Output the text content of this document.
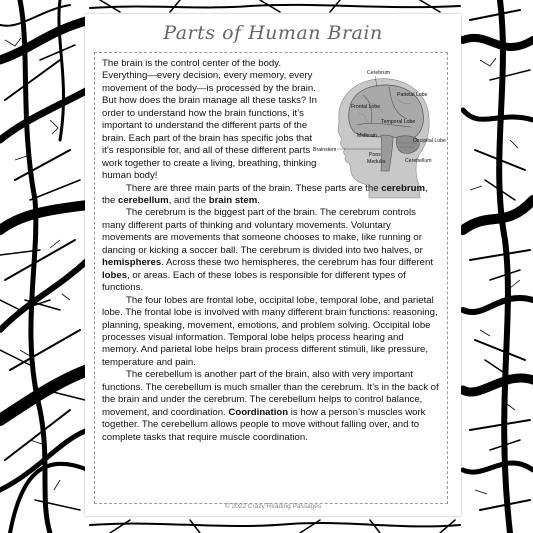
Parts of Human Brain
Cerebrum
Parietal Lobe
Frontal Lobe
Temporal Lobe
Midbrain
Occipital Lobe
Brainstem
Pons
Medulla	Cerebellum

The brain is the control center of the body. Everything—every decision, every memory, every movement of the body—is processed by the brain. But how does the brain manage all these tasks? In order to understand how the brain functions, it’s important to understand the different parts of the brain. Each part of the brain has specific jobs that it’s responsible for, and all of these different parts work together to create a living, breathing, thinking human body!

There are three main parts of the brain. These parts are the cerebrum, the cerebellum, and the brain stem.

The cerebrum is the biggest part of the brain. The cerebrum controls many different parts of thinking and voluntary movements. Voluntary movements are movements that someone chooses to make, like running or dancing or kicking a soccer ball. The cerebrum is divided into two halves, or hemispheres. Across these two hemispheres, the cerebrum has four different lobes, or areas. Each of these lobes is responsible for different types of functions.

The four lobes are frontal lobe, occipital lobe, temporal lobe, and parietal lobe. The frontal lobe is involved with many different brain functions: reasoning, planning, speaking, movement, emotions, and problem solving. Occipital lobe processes visual information. Temporal lobe helps process hearing and memory. And parietal lobe helps brain process different stimuli, like pressure, temperature and pain.

The cerebellum is another part of the brain, also with very important functions. The cerebellum is much smaller than the cerebrum. It’s in the back of the brain and under the cerebrum. The cerebellum helps to control balance, movement, and coordination. Coordination is how a person’s muscles work together. The cerebellum allows people to move without falling over, and to complete tasks that require muscle coordination.

© 2022 Crazy Reading Passages
